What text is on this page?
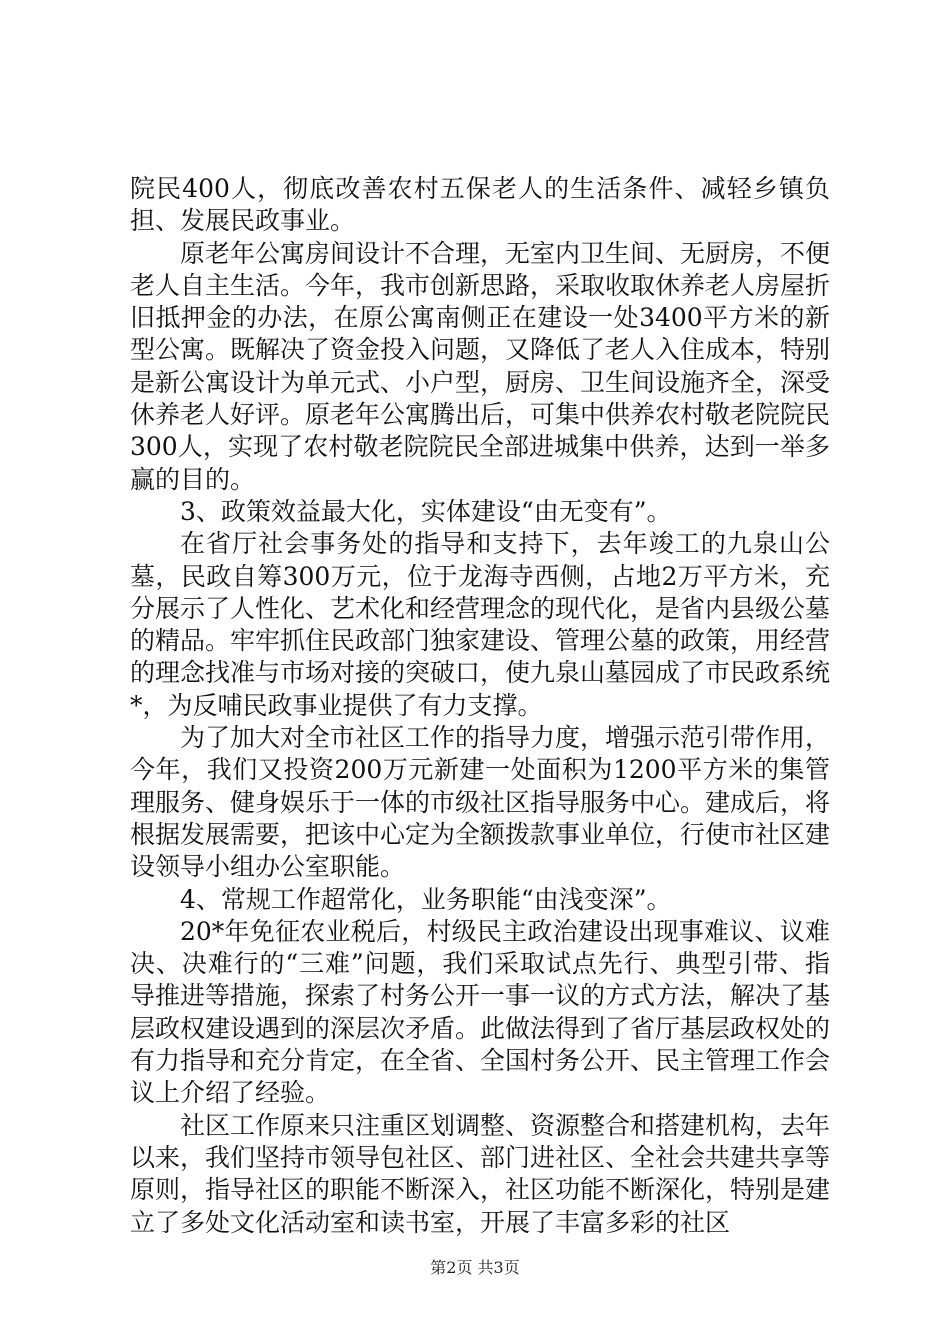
院民400人，彻底改善农村五保老人的生活条件、减轻乡镇负担、发展民政事业。

原老年公寓房间设计不合理，无室内卫生间、无厨房，不便老人自主生活。今年，我市创新思路，采取收取休养老人房屋折旧抵押金的办法，在原公寓南侧正在建设一处3400平方米的新型公寓。既解决了资金投入问题，又降低了老人入住成本，特别是新公寓设计为单元式、小户型，厨房、卫生间设施齐全，深受休养老人好评。原老年公寓腾出后，可集中供养农村敬老院院民300人，实现了农村敬老院院民全部进城集中供养，达到一举多赢的目的。

3、政策效益最大化，实体建设“由无变有”。

在省厅社会事务处的指导和支持下，去年竣工的九泉山公墓，民政自筹300万元，位于龙海寺西侧，占地2万平方米，充分展示了人性化、艺术化和经营理念的现代化，是省内县级公墓的精品。牢牢抓住民政部门独家建设、管理公墓的政策，用经营的理念找准与市场对接的突破口，使九泉山墓园成了市民政系统*，为反哺民政事业提供了有力支撑。

为了加大对全市社区工作的指导力度，增强示范引带作用，今年，我们又投资200万元新建一处面积为1200平方米的集管理服务、健身娱乐于一体的市级社区指导服务中心。建成后，将根据发展需要，把该中心定为全额拨款事业单位，行使市社区建设领导小组办公室职能。

4、常规工作超常化，业务职能“由浅变深”。

20*年免征农业税后，村级民主政治建设出现事难议、议难决、决难行的“三难”问题，我们采取试点先行、典型引带、指导推进等措施，探索了村务公开一事一议的方式方法，解决了基层政权建设遇到的深层次矛盾。此做法得到了省厅基层政权处的有力指导和充分肯定，在全省、全国村务公开、民主管理工作会议上介绍了经验。

社区工作原来只注重区划调整、资源整合和搭建机构，去年以来，我们坚持市领导包社区、部门进社区、全社会共建共享等原则，指导社区的职能不断深入，社区功能不断深化，特别是建立了多处文化活动室和读书室，开展了丰富多彩的社区

第2页 共3页
